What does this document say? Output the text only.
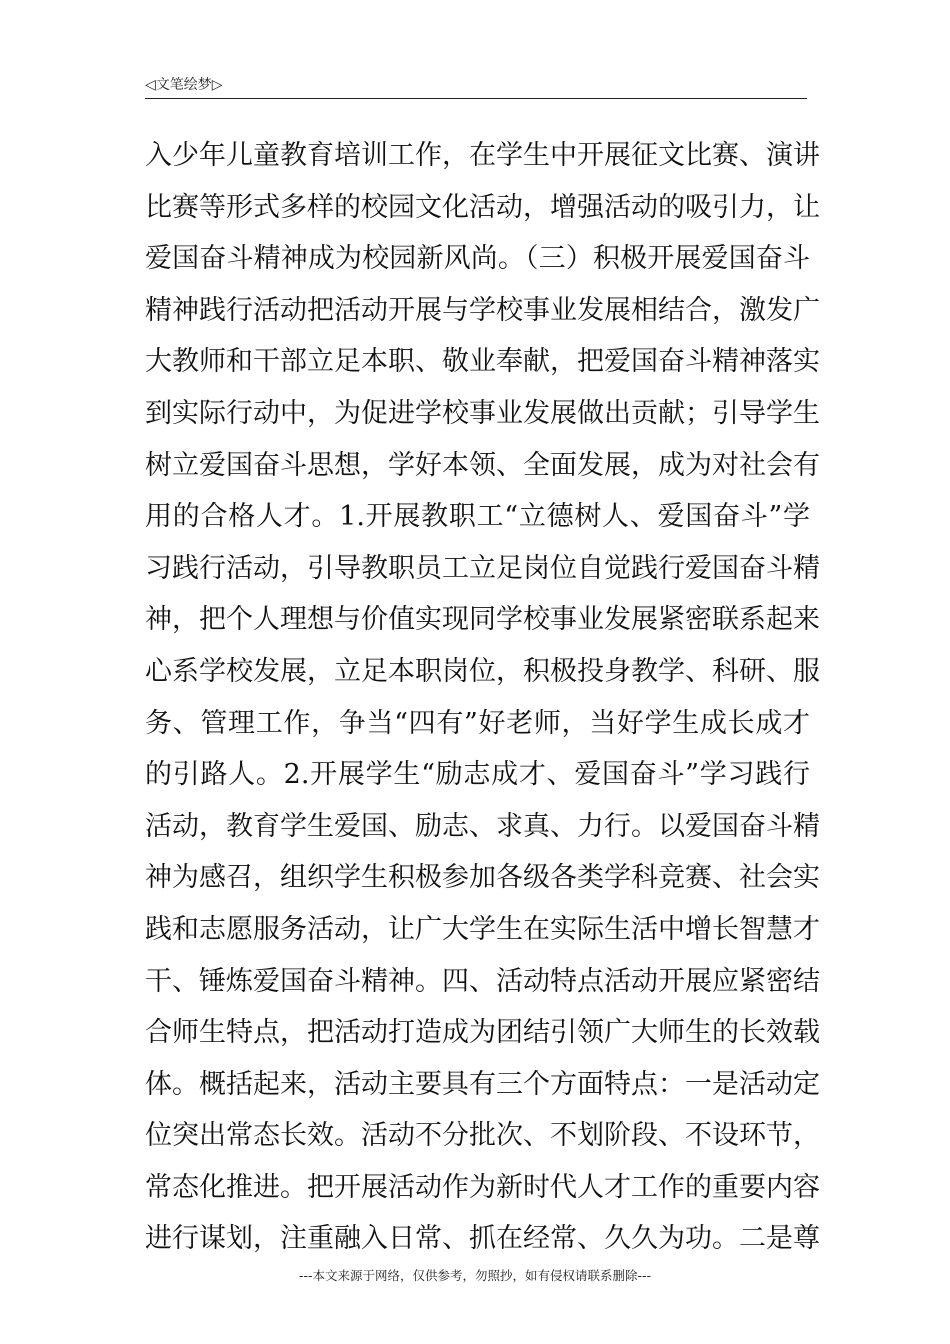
◁文笔绘梦▷
入少年儿童教育培训工作，在学生中开展征文比赛、演讲
比赛等形式多样的校园文化活动，增强活动的吸引力，让
爱国奋斗精神成为校园新风尚。（三）积极开展爱国奋斗
精神践行活动把活动开展与学校事业发展相结合，激发广
大教师和干部立足本职、敬业奉献，把爱国奋斗精神落实
到实际行动中，为促进学校事业发展做出贡献；引导学生
树立爱国奋斗思想，学好本领、全面发展，成为对社会有
用的合格人才。1.开展教职工“立德树人、爱国奋斗”学
习践行活动，引导教职员工立足岗位自觉践行爱国奋斗精
神，把个人理想与价值实现同学校事业发展紧密联系起来
心系学校发展，立足本职岗位，积极投身教学、科研、服
务、管理工作，争当“四有”好老师，当好学生成长成才
的引路人。2.开展学生“励志成才、爱国奋斗”学习践行
活动，教育学生爱国、励志、求真、力行。以爱国奋斗精
神为感召，组织学生积极参加各级各类学科竞赛、社会实
践和志愿服务活动，让广大学生在实际生活中增长智慧才
干、锤炼爱国奋斗精神。四、活动特点活动开展应紧密结
合师生特点，把活动打造成为团结引领广大师生的长效载
体。概括起来，活动主要具有三个方面特点：一是活动定
位突出常态长效。活动不分批次、不划阶段、不设环节，
常态化推进。把开展活动作为新时代人才工作的重要内容
进行谋划，注重融入日常、抓在经常、久久为功。二是尊
---本文来源于网络，仅供参考，勿照抄，如有侵权请联系删除---
